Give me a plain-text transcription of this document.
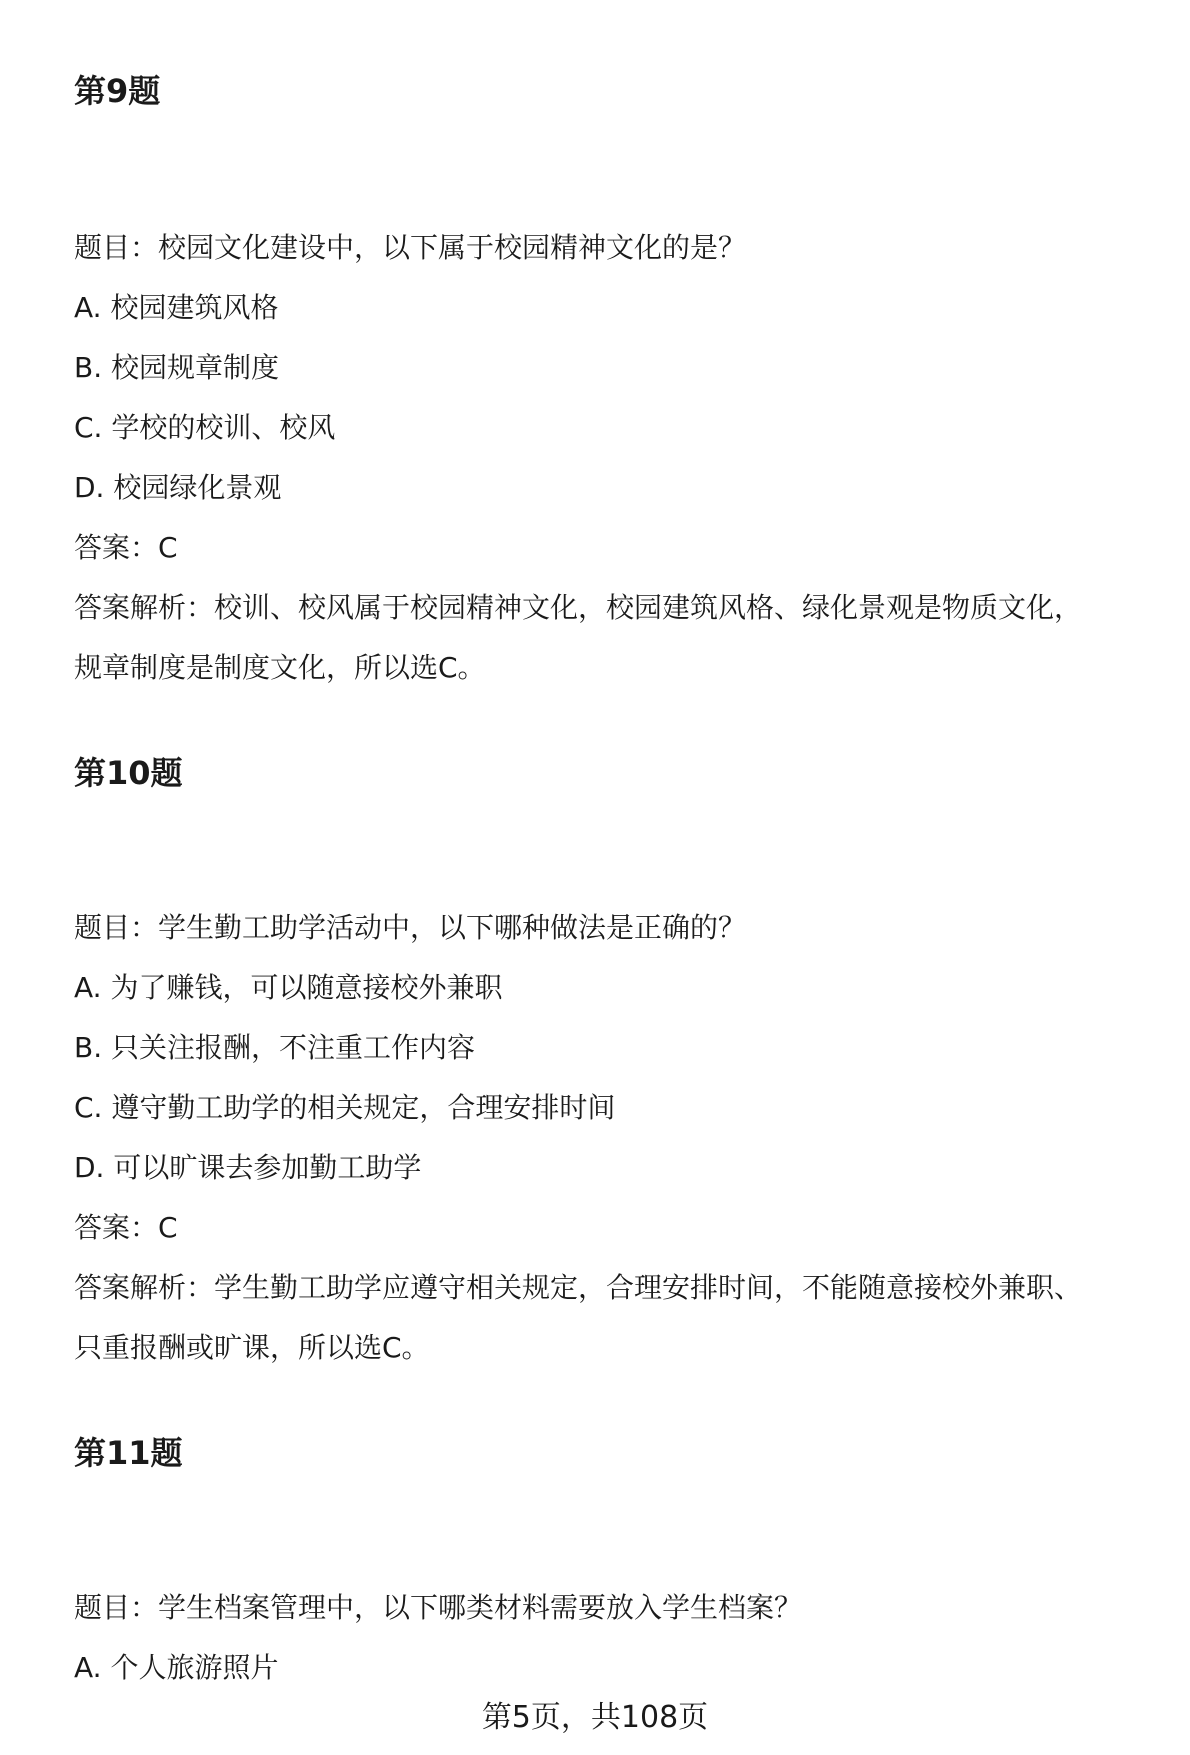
第9题

题目：校园文化建设中，以下属于校园精神文化的是？

A. 校园建筑风格

B. 校园规章制度

C. 学校的校训、校风

D. 校园绿化景观

答案：C

答案解析：校训、校风属于校园精神文化，校园建筑风格、绿化景观是物质文化，

规章制度是制度文化，所以选C。

第10题

题目：学生勤工助学活动中，以下哪种做法是正确的？

A. 为了赚钱，可以随意接校外兼职

B. 只关注报酬，不注重工作内容

C. 遵守勤工助学的相关规定，合理安排时间

D. 可以旷课去参加勤工助学

答案：C

答案解析：学生勤工助学应遵守相关规定，合理安排时间，不能随意接校外兼职、

只重报酬或旷课，所以选C。

第11题

题目：学生档案管理中，以下哪类材料需要放入学生档案？

A. 个人旅游照片

第5页，共108页
